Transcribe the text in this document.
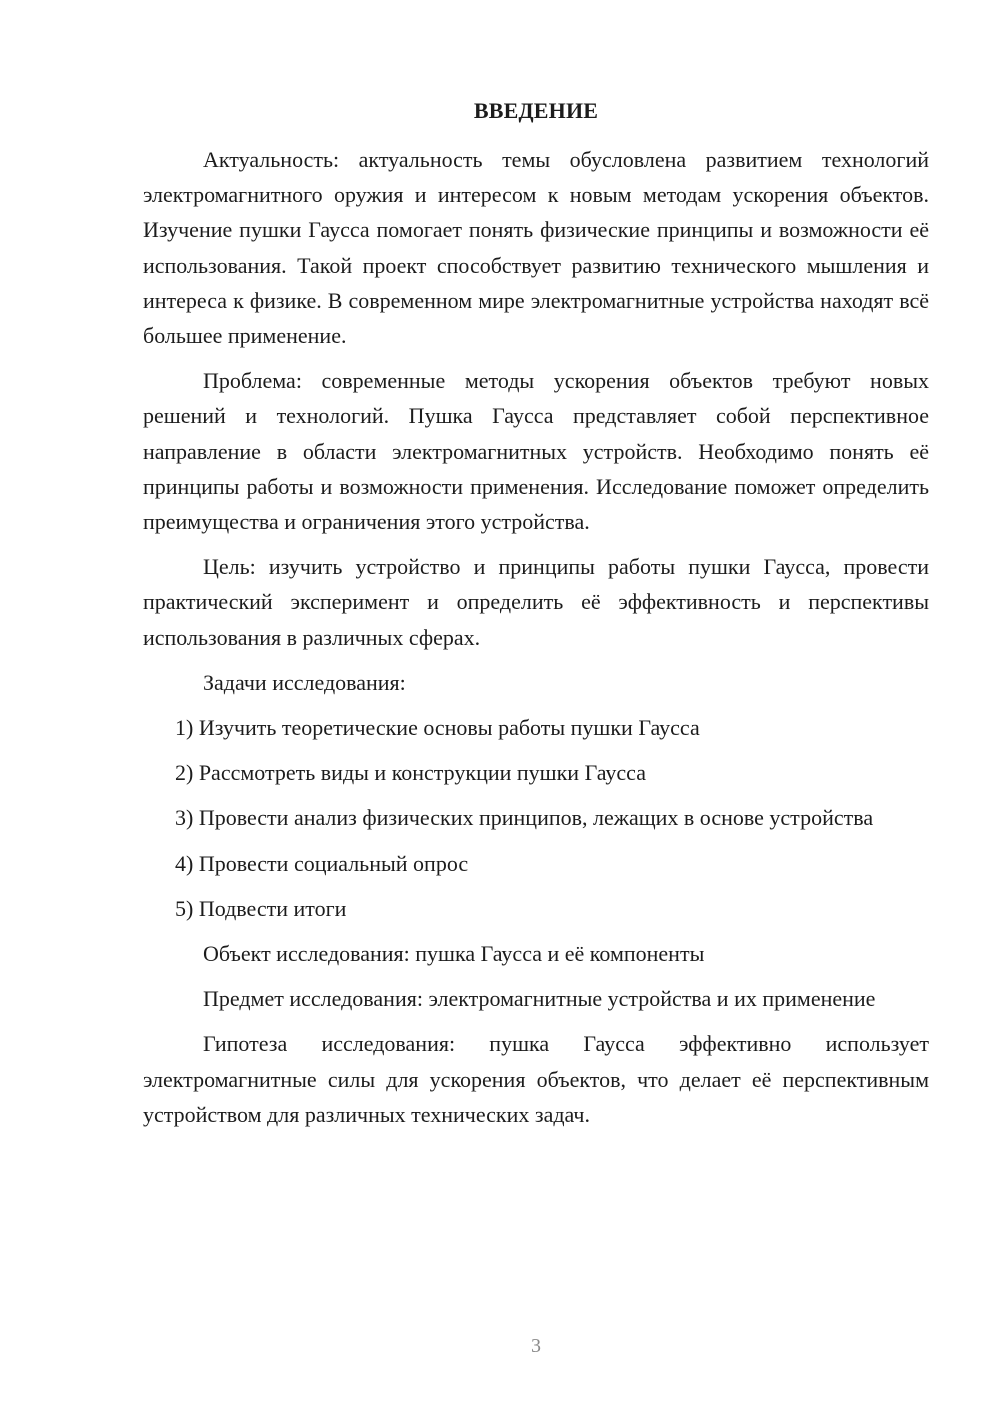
ВВЕДЕНИЕ

Актуальность: актуальность темы обусловлена развитием технологий электромагнитного оружия и интересом к новым методам ускорения объектов. Изучение пушки Гаусса помогает понять физические принципы и возможности её использования. Такой проект способствует развитию технического мышления и интереса к физике. В современном мире электромагнитные устройства находят всё большее применение.

Проблема: современные методы ускорения объектов требуют новых решений и технологий. Пушка Гаусса представляет собой перспективное направление в области электромагнитных устройств. Необходимо понять её принципы работы и возможности применения. Исследование поможет определить преимущества и ограничения этого устройства.

Цель: изучить устройство и принципы работы пушки Гаусса, провести практический эксперимент и определить её эффективность и перспективы использования в различных сферах.

Задачи исследования:

1) Изучить теоретические основы работы пушки Гаусса

2) Рассмотреть виды и конструкции пушки Гаусса

3) Провести анализ физических принципов, лежащих в основе устройства

4) Провести социальный опрос

5) Подвести итоги

Объект исследования: пушка Гаусса и её компоненты

Предмет исследования: электромагнитные устройства и их применение

Гипотеза исследования: пушка Гаусса эффективно использует электромагнитные силы для ускорения объектов, что делает её перспективным устройством для различных технических задач.

3
